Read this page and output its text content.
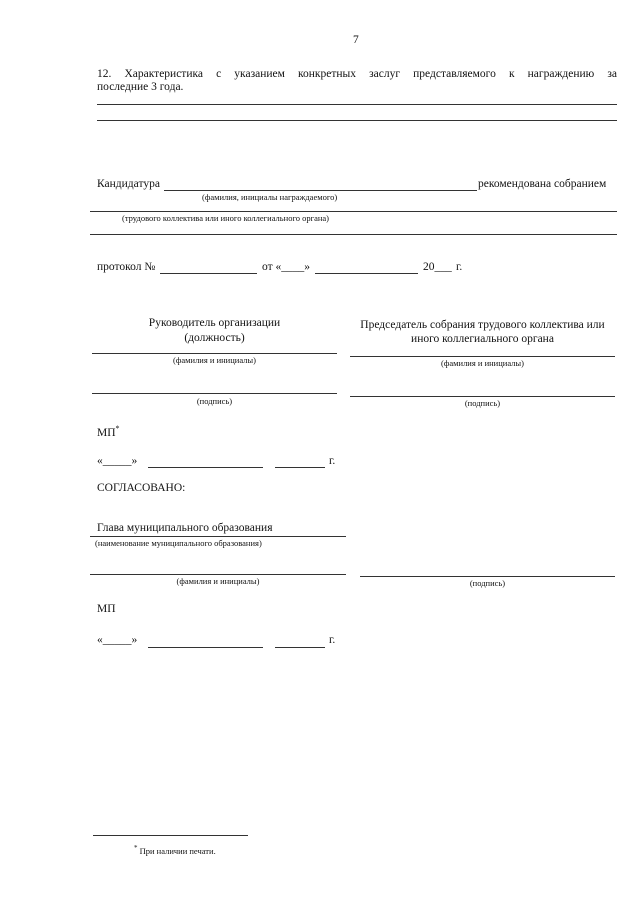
7
12. Характеристика с указанием конкретных заслуг представляемого к награждению за
последние 3 года.
Кандидатура	рекомендована собранием
(фамилия, инициалы награждаемого)
(трудового коллектива или иного коллегиального органа)
протокол №	от «____»	20___ г.
Руководитель организации
(должность)
(фамилия и инициалы)
(подпись)
Председатель собрания трудового коллектива или
иного коллегиального органа
(фамилия и инициалы)
(подпись)
МП*
«_____»	г.
СОГЛАСОВАНО:
Глава муниципального образования
(наименование муниципального образования)
(фамилия и инициалы)	(подпись)
МП
«_____»	г.
* При наличии печати.
